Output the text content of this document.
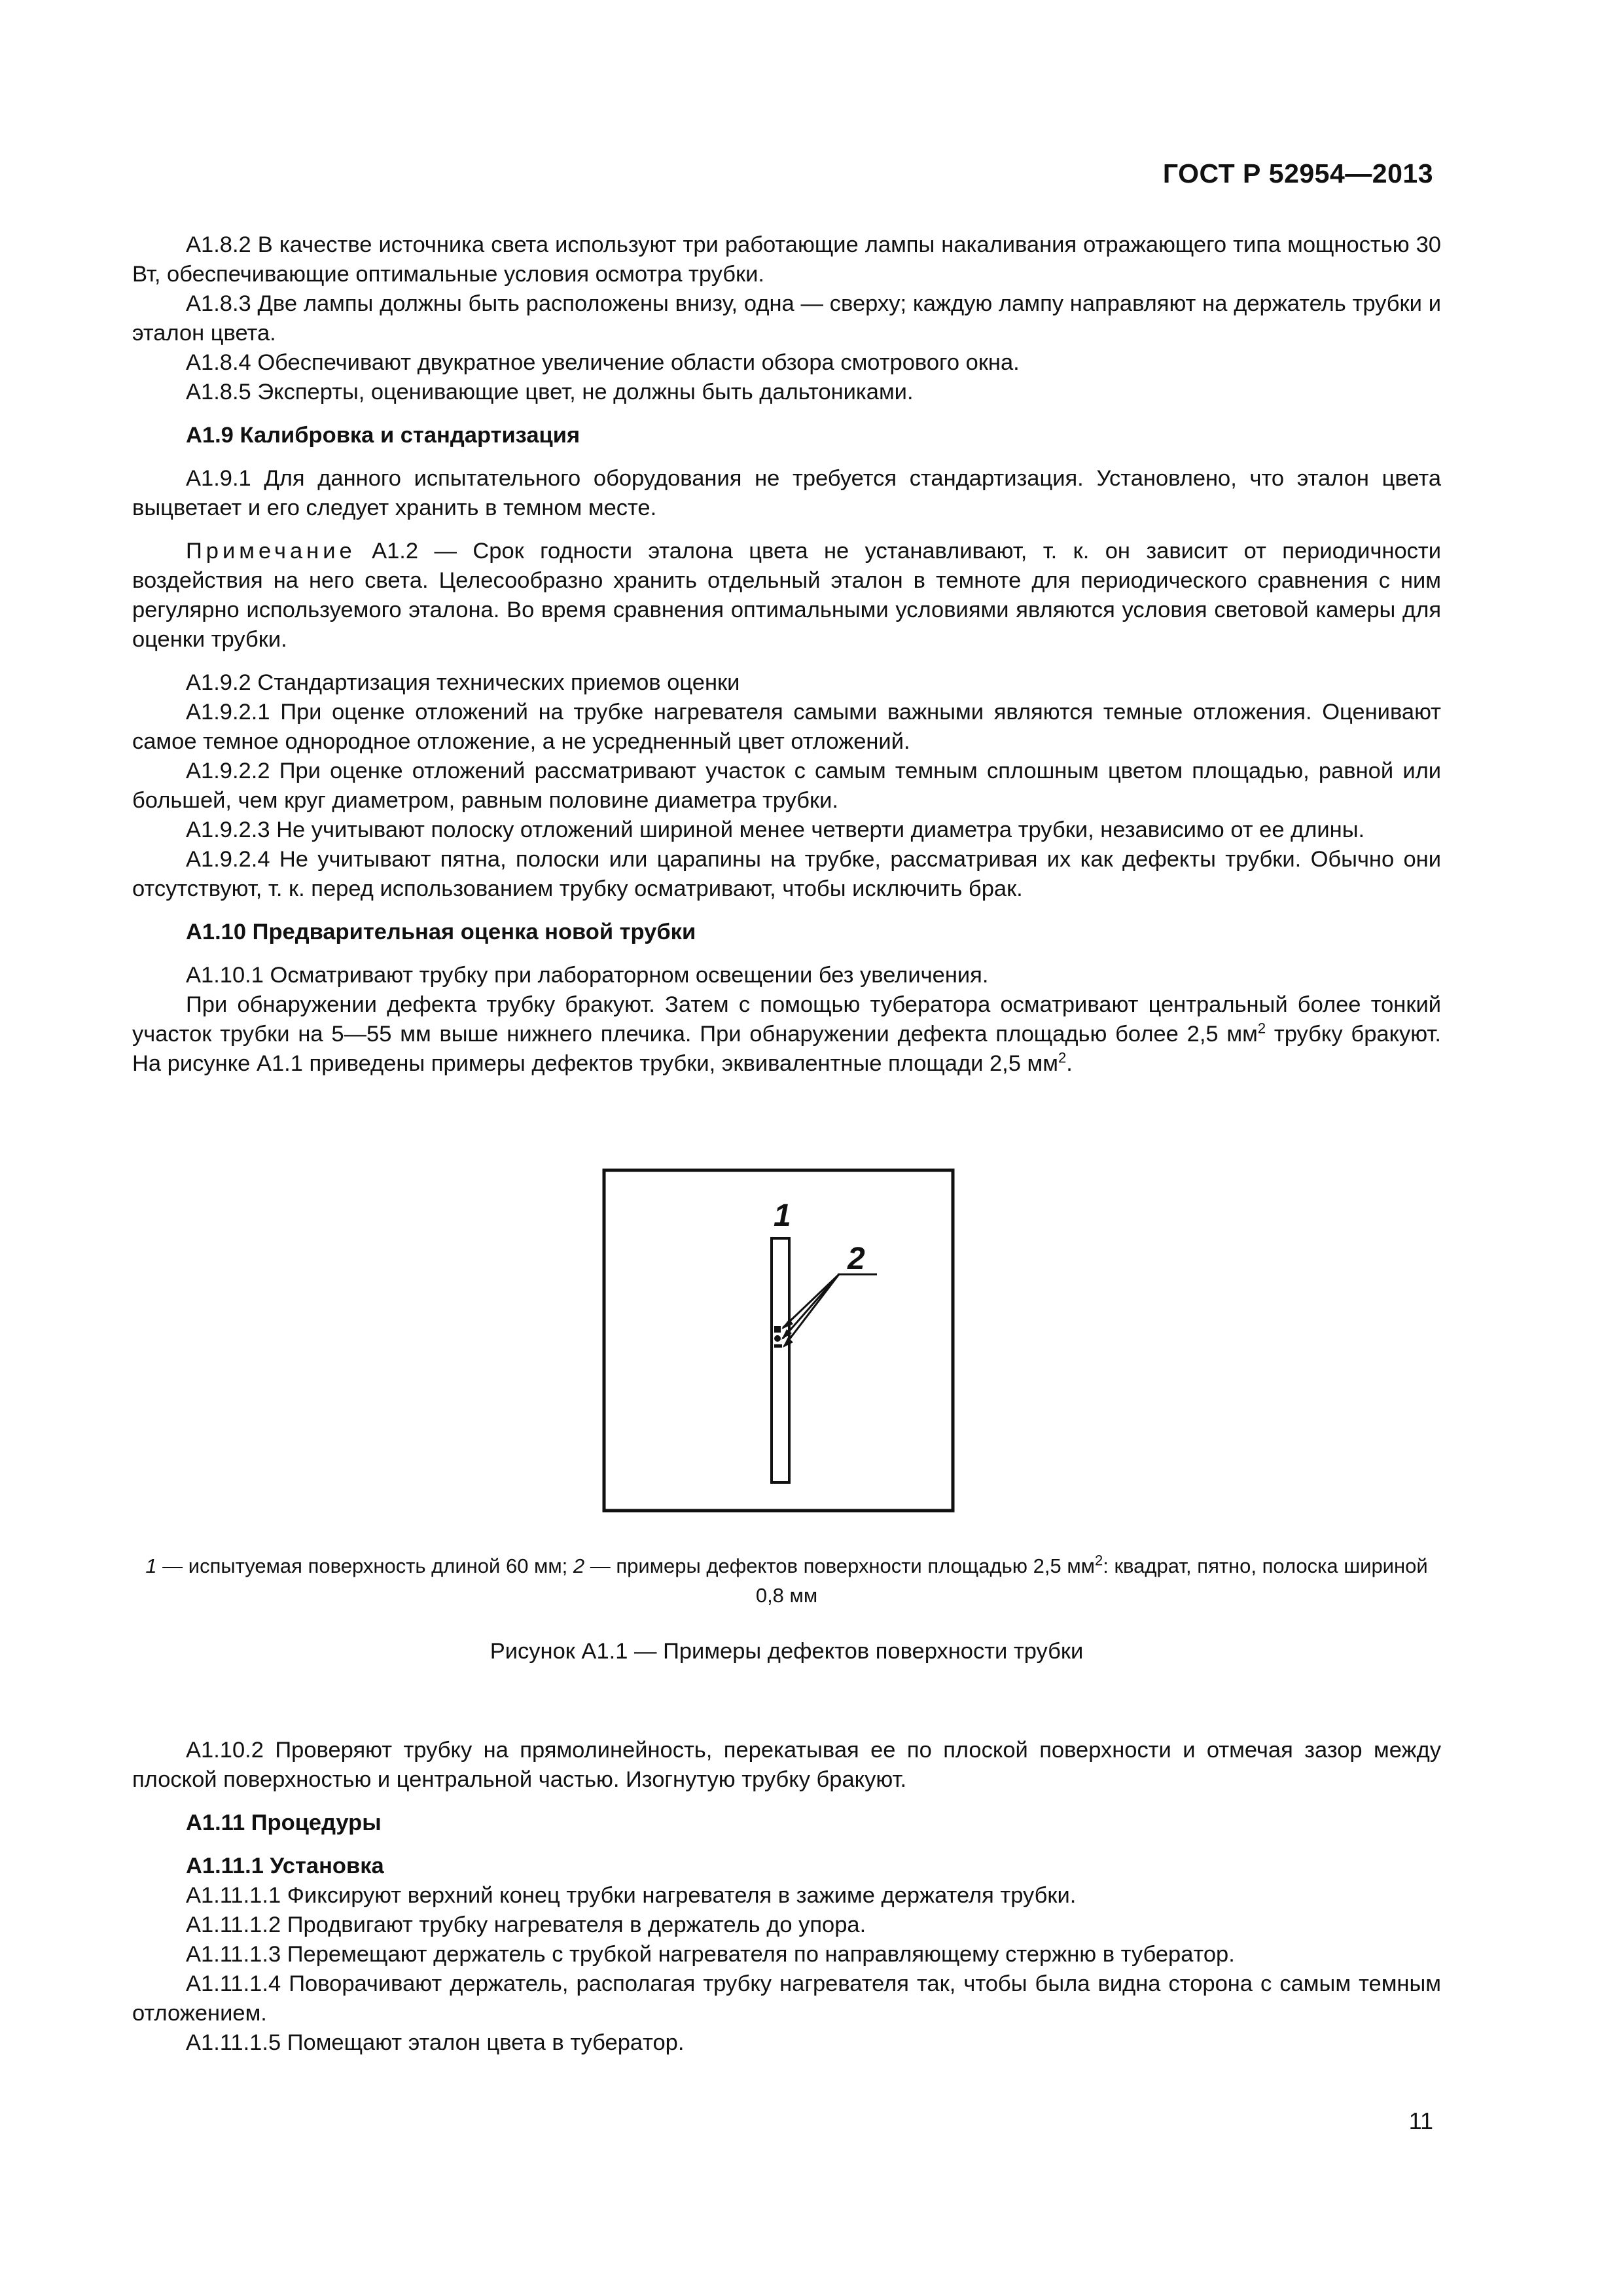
ГОСТ Р 52954—2013

А1.8.2 В качестве источника света используют три работающие лампы накаливания отражающего типа мощностью 30 Вт, обеспечивающие оптимальные условия осмотра трубки.

А1.8.3 Две лампы должны быть расположены внизу, одна — сверху; каждую лампу направляют на держатель трубки и эталон цвета.

А1.8.4 Обеспечивают двукратное увеличение области обзора смотрового окна.

А1.8.5 Эксперты, оценивающие цвет, не должны быть дальтониками.

А1.9 Калибровка и стандартизация

А1.9.1 Для данного испытательного оборудования не требуется стандартизация. Установлено, что эталон цвета выцветает и его следует хранить в темном месте.

Примечание А1.2 — Срок годности эталона цвета не устанавливают, т. к. он зависит от периодичности воздействия на него света. Целесообразно хранить отдельный эталон в темноте для периодического сравнения с ним регулярно используемого эталона. Во время сравнения оптимальными условиями являются условия световой камеры для оценки трубки.

А1.9.2 Стандартизация технических приемов оценки

А1.9.2.1 При оценке отложений на трубке нагревателя самыми важными являются темные отложения. Оценивают самое темное однородное отложение, а не усредненный цвет отложений.

А1.9.2.2 При оценке отложений рассматривают участок с самым темным сплошным цветом площадью, равной или большей, чем круг диаметром, равным половине диаметра трубки.

А1.9.2.3 Не учитывают полоску отложений шириной менее четверти диаметра трубки, независимо от ее длины.

А1.9.2.4 Не учитывают пятна, полоски или царапины на трубке, рассматривая их как дефекты трубки. Обычно они отсутствуют, т. к. перед использованием трубку осматривают, чтобы исключить брак.

А1.10 Предварительная оценка новой трубки

А1.10.1 Осматривают трубку при лабораторном освещении без увеличения.

При обнаружении дефекта трубку бракуют. Затем с помощью туберaтора осматривают центральный более тонкий участок трубки на 5—55 мм выше нижнего плечика. При обнаружении дефекта площадью более 2,5 $мм^2$ трубку бракуют. На рисунке А1.1 приведены примеры дефектов трубки, эквивалентные площади 2,5 $мм^2$.

1
2
1 — испытуемая поверхность длиной 60 мм; 2 — примеры дефектов поверхности площадью 2,5 $мм^2$: квадрат, пятно, полоска шириной 0,8 мм
Рисунок А1.1 — Примеры дефектов поверхности трубки

А1.10.2 Проверяют трубку на прямолинейность, перекатывая ее по плоской поверхности и отмечая зазор между плоской поверхностью и центральной частью. Изогнутую трубку бракуют.

А1.11 Процедуры

А1.11.1 Установка

А1.11.1.1 Фиксируют верхний конец трубки нагревателя в зажиме держателя трубки.

А1.11.1.2 Продвигают трубку нагревателя в держатель до упора.

А1.11.1.3 Перемещают держатель с трубкой нагревателя по направляющему стержню в туберaтор.

А1.11.1.4 Поворачивают держатель, располагая трубку нагревателя так, чтобы была видна сторона с самым темным отложением.

А1.11.1.5 Помещают эталон цвета в туберaтор.

11
